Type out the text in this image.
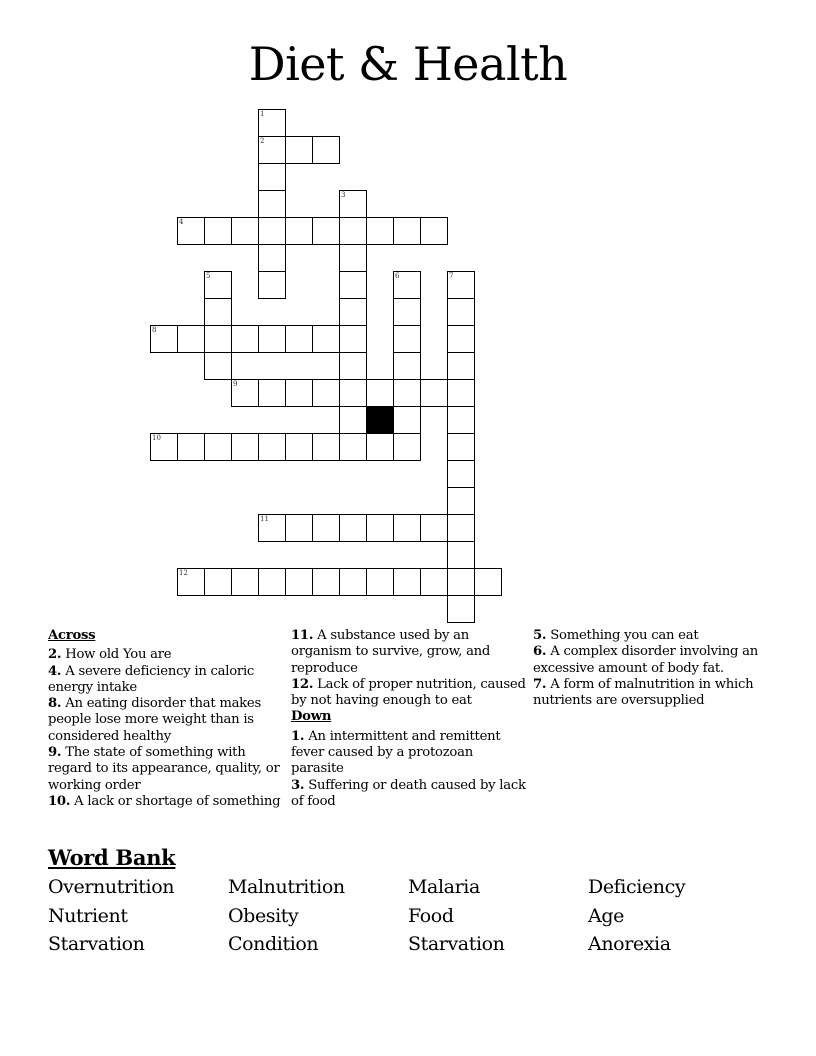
Diet & Health
1
2
3
4
5	6	7
8
9
10
11
12
Across
2. How old You are
4. A severe deficiency in caloric energy intake
8. An eating disorder that makes people lose more weight than is considered healthy
9. The state of something with regard to its appearance, quality, or working order
10. A lack or shortage of something
11. A substance used by an organism to survive, grow, and reproduce
12. Lack of proper nutrition, caused by not having enough to eat
Down
1. An intermittent and remittent fever caused by a protozoan parasite
3. Suffering or death caused by lack of food
5. Something you can eat
6. A complex disorder involving an excessive amount of body fat.
7. A form of malnutrition in which nutrients are oversupplied
Word Bank
Overnutrition	Malnutrition	Malaria	Deficiency
Nutrient	Obesity	Food	Age
Starvation	Condition	Starvation	Anorexia
